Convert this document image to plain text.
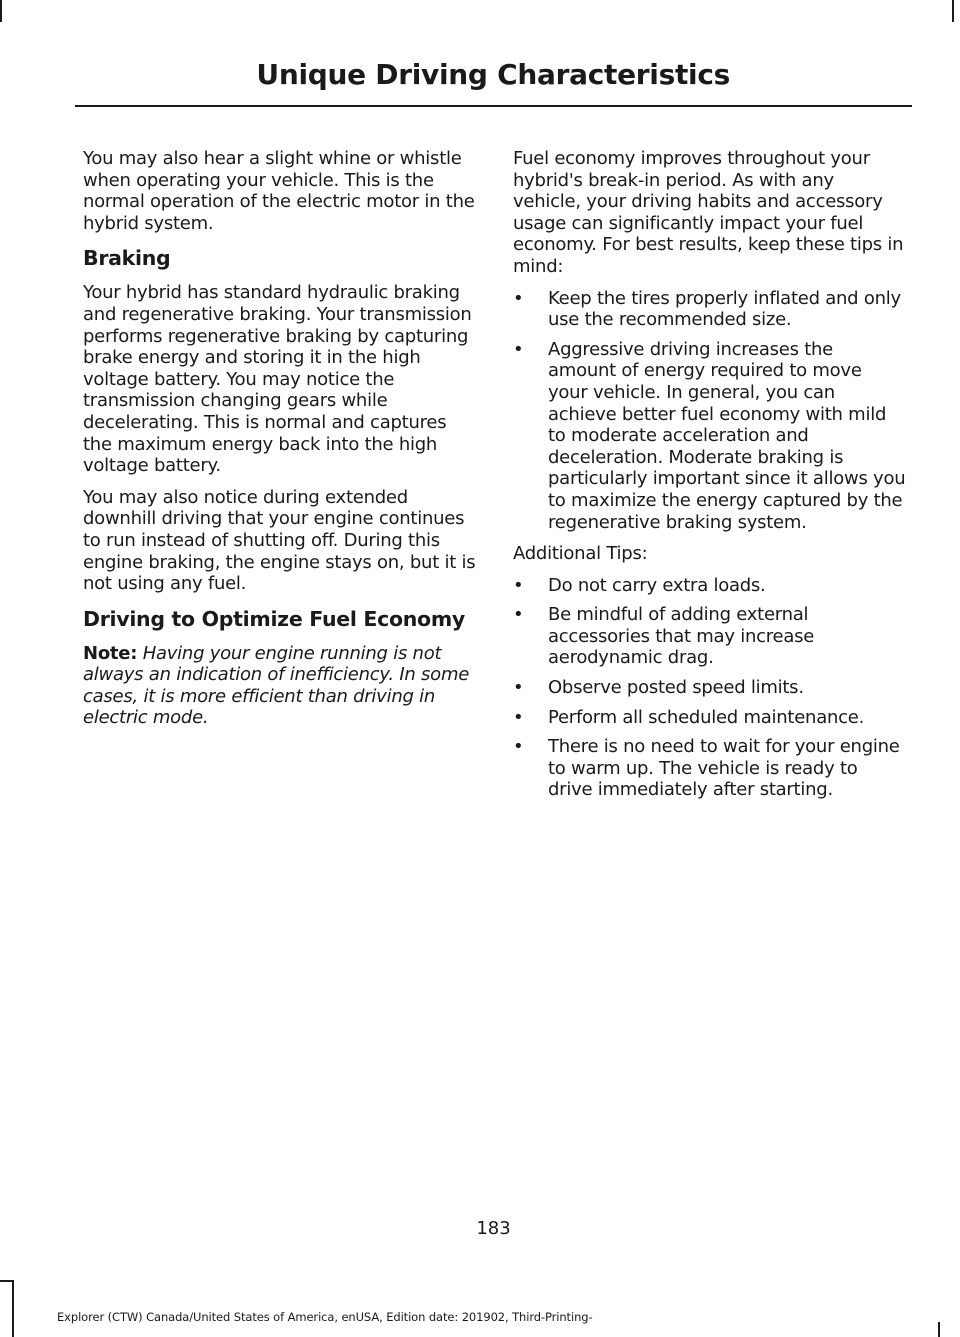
Unique Driving Characteristics

You may also hear a slight whine or whistle when operating your vehicle. This is the normal operation of the electric motor in the hybrid system.

Braking

Your hybrid has standard hydraulic braking and regenerative braking. Your transmission performs regenerative braking by capturing brake energy and storing it in the high voltage battery. You may notice the transmission changing gears while decelerating. This is normal and captures the maximum energy back into the high voltage battery.

You may also notice during extended downhill driving that your engine continues to run instead of shutting off. During this engine braking, the engine stays on, but it is not using any fuel.

Driving to Optimize Fuel Economy

Note: Having your engine running is not always an indication of inefficiency. In some cases, it is more efficient than driving in electric mode.

Fuel economy improves throughout your hybrid's break-in period. As with any vehicle, your driving habits and accessory usage can significantly impact your fuel economy. For best results, keep these tips in mind:

• Keep the tires properly inflated and only use the recommended size.
• Aggressive driving increases the amount of energy required to move your vehicle. In general, you can achieve better fuel economy with mild to moderate acceleration and deceleration. Moderate braking is particularly important since it allows you to maximize the energy captured by the regenerative braking system.

Additional Tips:

• Do not carry extra loads.
• Be mindful of adding external accessories that may increase aerodynamic drag.
• Observe posted speed limits.
• Perform all scheduled maintenance.
• There is no need to wait for your engine to warm up. The vehicle is ready to drive immediately after starting.
183
Explorer (CTW) Canada/United States of America, enUSA, Edition date: 201902, Third-Printing-
